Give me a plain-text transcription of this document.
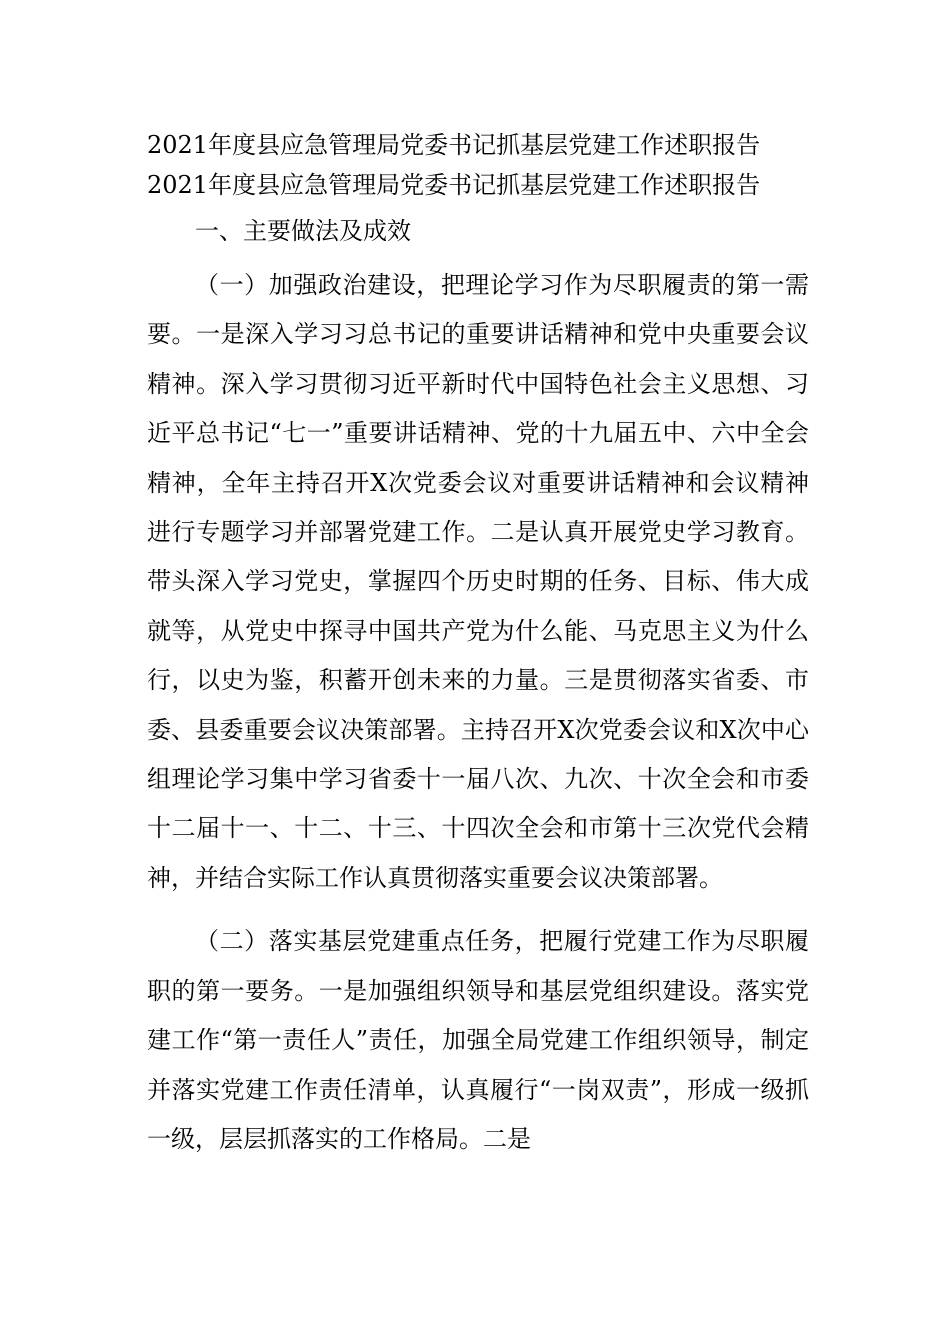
2021年度县应急管理局党委书记抓基层党建工作述职报告
2021年度县应急管理局党委书记抓基层党建工作述职报告
一、主要做法及成效

（一）加强政治建设，把理论学习作为尽职履责的第一需要。一是深入学习习总书记的重要讲话精神和党中央重要会议精神。深入学习贯彻习近平新时代中国特色社会主义思想、习近平总书记“七一”重要讲话精神、党的十九届五中、六中全会精神，全年主持召开X次党委会议对重要讲话精神和会议精神进行专题学习并部署党建工作。二是认真开展党史学习教育。带头深入学习党史，掌握四个历史时期的任务、目标、伟大成就等，从党史中探寻中国共产党为什么能、马克思主义为什么行，以史为鉴，积蓄开创未来的力量。三是贯彻落实省委、市委、县委重要会议决策部署。主持召开X次党委会议和X次中心组理论学习集中学习省委十一届八次、九次、十次全会和市委十二届十一、十二、十三、十四次全会和市第十三次党代会精神，并结合实际工作认真贯彻落实重要会议决策部署。

（二）落实基层党建重点任务，把履行党建工作为尽职履职的第一要务。一是加强组织领导和基层党组织建设。落实党建工作“第一责任人”责任，加强全局党建工作组织领导，制定并落实党建工作责任清单，认真履行“一岗双责”，形成一级抓一级，层层抓落实的工作格局。二是
